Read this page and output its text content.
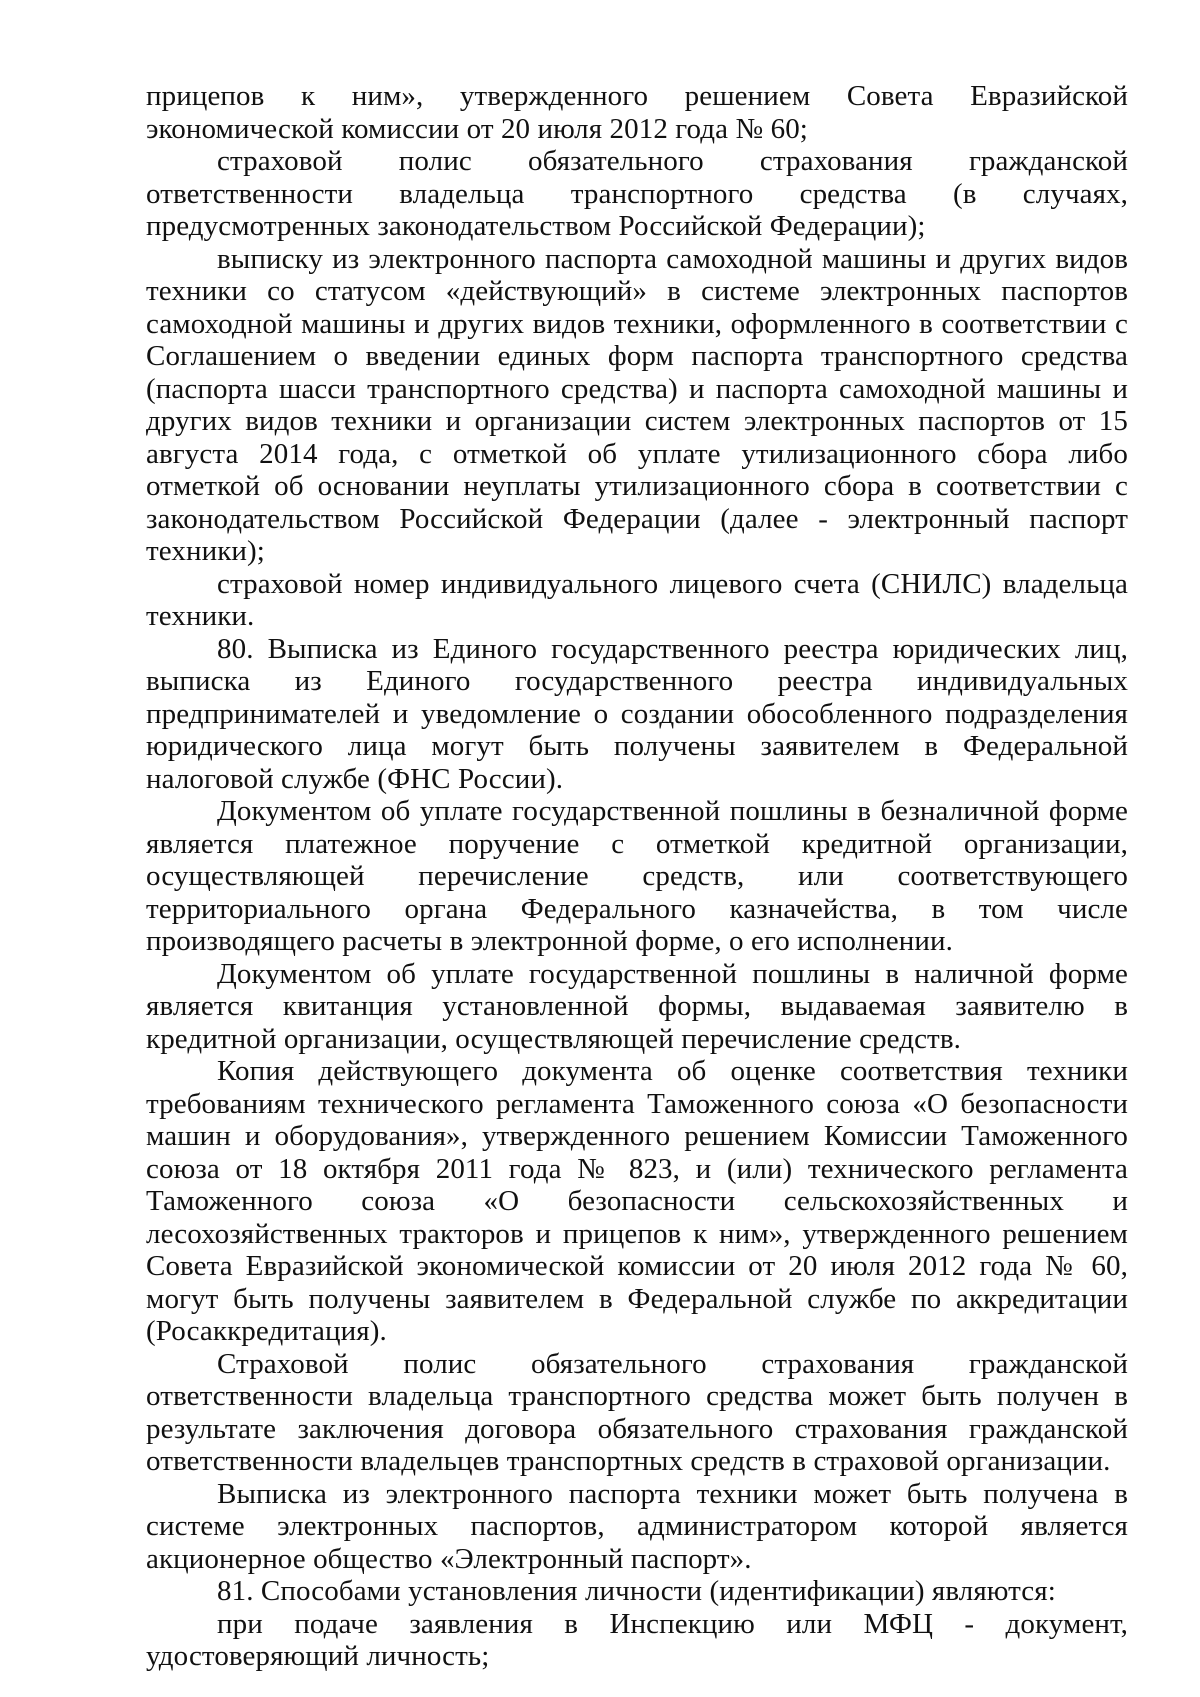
прицепов к ним», утвержденного решением Совета Евразийской экономической комиссии от 20 июля 2012 года № 60;

страховой полис обязательного страхования гражданской ответственности владельца транспортного средства (в случаях, предусмотренных законодательством Российской Федерации);

выписку из электронного паспорта самоходной машины и других видов техники со статусом «действующий» в системе электронных паспортов самоходной машины и других видов техники, оформленного в соответствии с Соглашением о введении единых форм паспорта транспортного средства (паспорта шасси транспортного средства) и паспорта самоходной машины и других видов техники и организации систем электронных паспортов от 15 августа 2014 года, с отметкой об уплате утилизационного сбора либо отметкой об основании неуплаты утилизационного сбора в соответствии с законодательством Российской Федерации (далее - электронный паспорт техники);

страховой номер индивидуального лицевого счета (СНИЛС) владельца техники.

80. Выписка из Единого государственного реестра юридических лиц, выписка из Единого государственного реестра индивидуальных предпринимателей и уведомление о создании обособленного подразделения юридического лица могут быть получены заявителем в Федеральной налоговой службе (ФНС России).

Документом об уплате государственной пошлины в безналичной форме является платежное поручение с отметкой кредитной организации, осуществляющей перечисление средств, или соответствующего территориального органа Федерального казначейства, в том числе производящего расчеты в электронной форме, о его исполнении.

Документом об уплате государственной пошлины в наличной форме является квитанция установленной формы, выдаваемая заявителю в кредитной организации, осуществляющей перечисление средств.

Копия действующего документа об оценке соответствия техники требованиям технического регламента Таможенного союза «О безопасности машин и оборудования», утвержденного решением Комиссии Таможенного союза от 18 октября 2011 года № 823, и (или) технического регламента Таможенного союза «О безопасности сельскохозяйственных и лесохозяйственных тракторов и прицепов к ним», утвержденного решением Совета Евразийской экономической комиссии от 20 июля 2012 года № 60, могут быть получены заявителем в Федеральной службе по аккредитации (Росаккредитация).

Страховой полис обязательного страхования гражданской ответственности владельца транспортного средства может быть получен в результате заключения договора обязательного страхования гражданской ответственности владельцев транспортных средств в страховой организации.

Выписка из электронного паспорта техники может быть получена в системе электронных паспортов, администратором которой является акционерное общество «Электронный паспорт».

81. Способами установления личности (идентификации) являются:

при подаче заявления в Инспекцию или МФЦ - документ, удостоверяющий личность;
